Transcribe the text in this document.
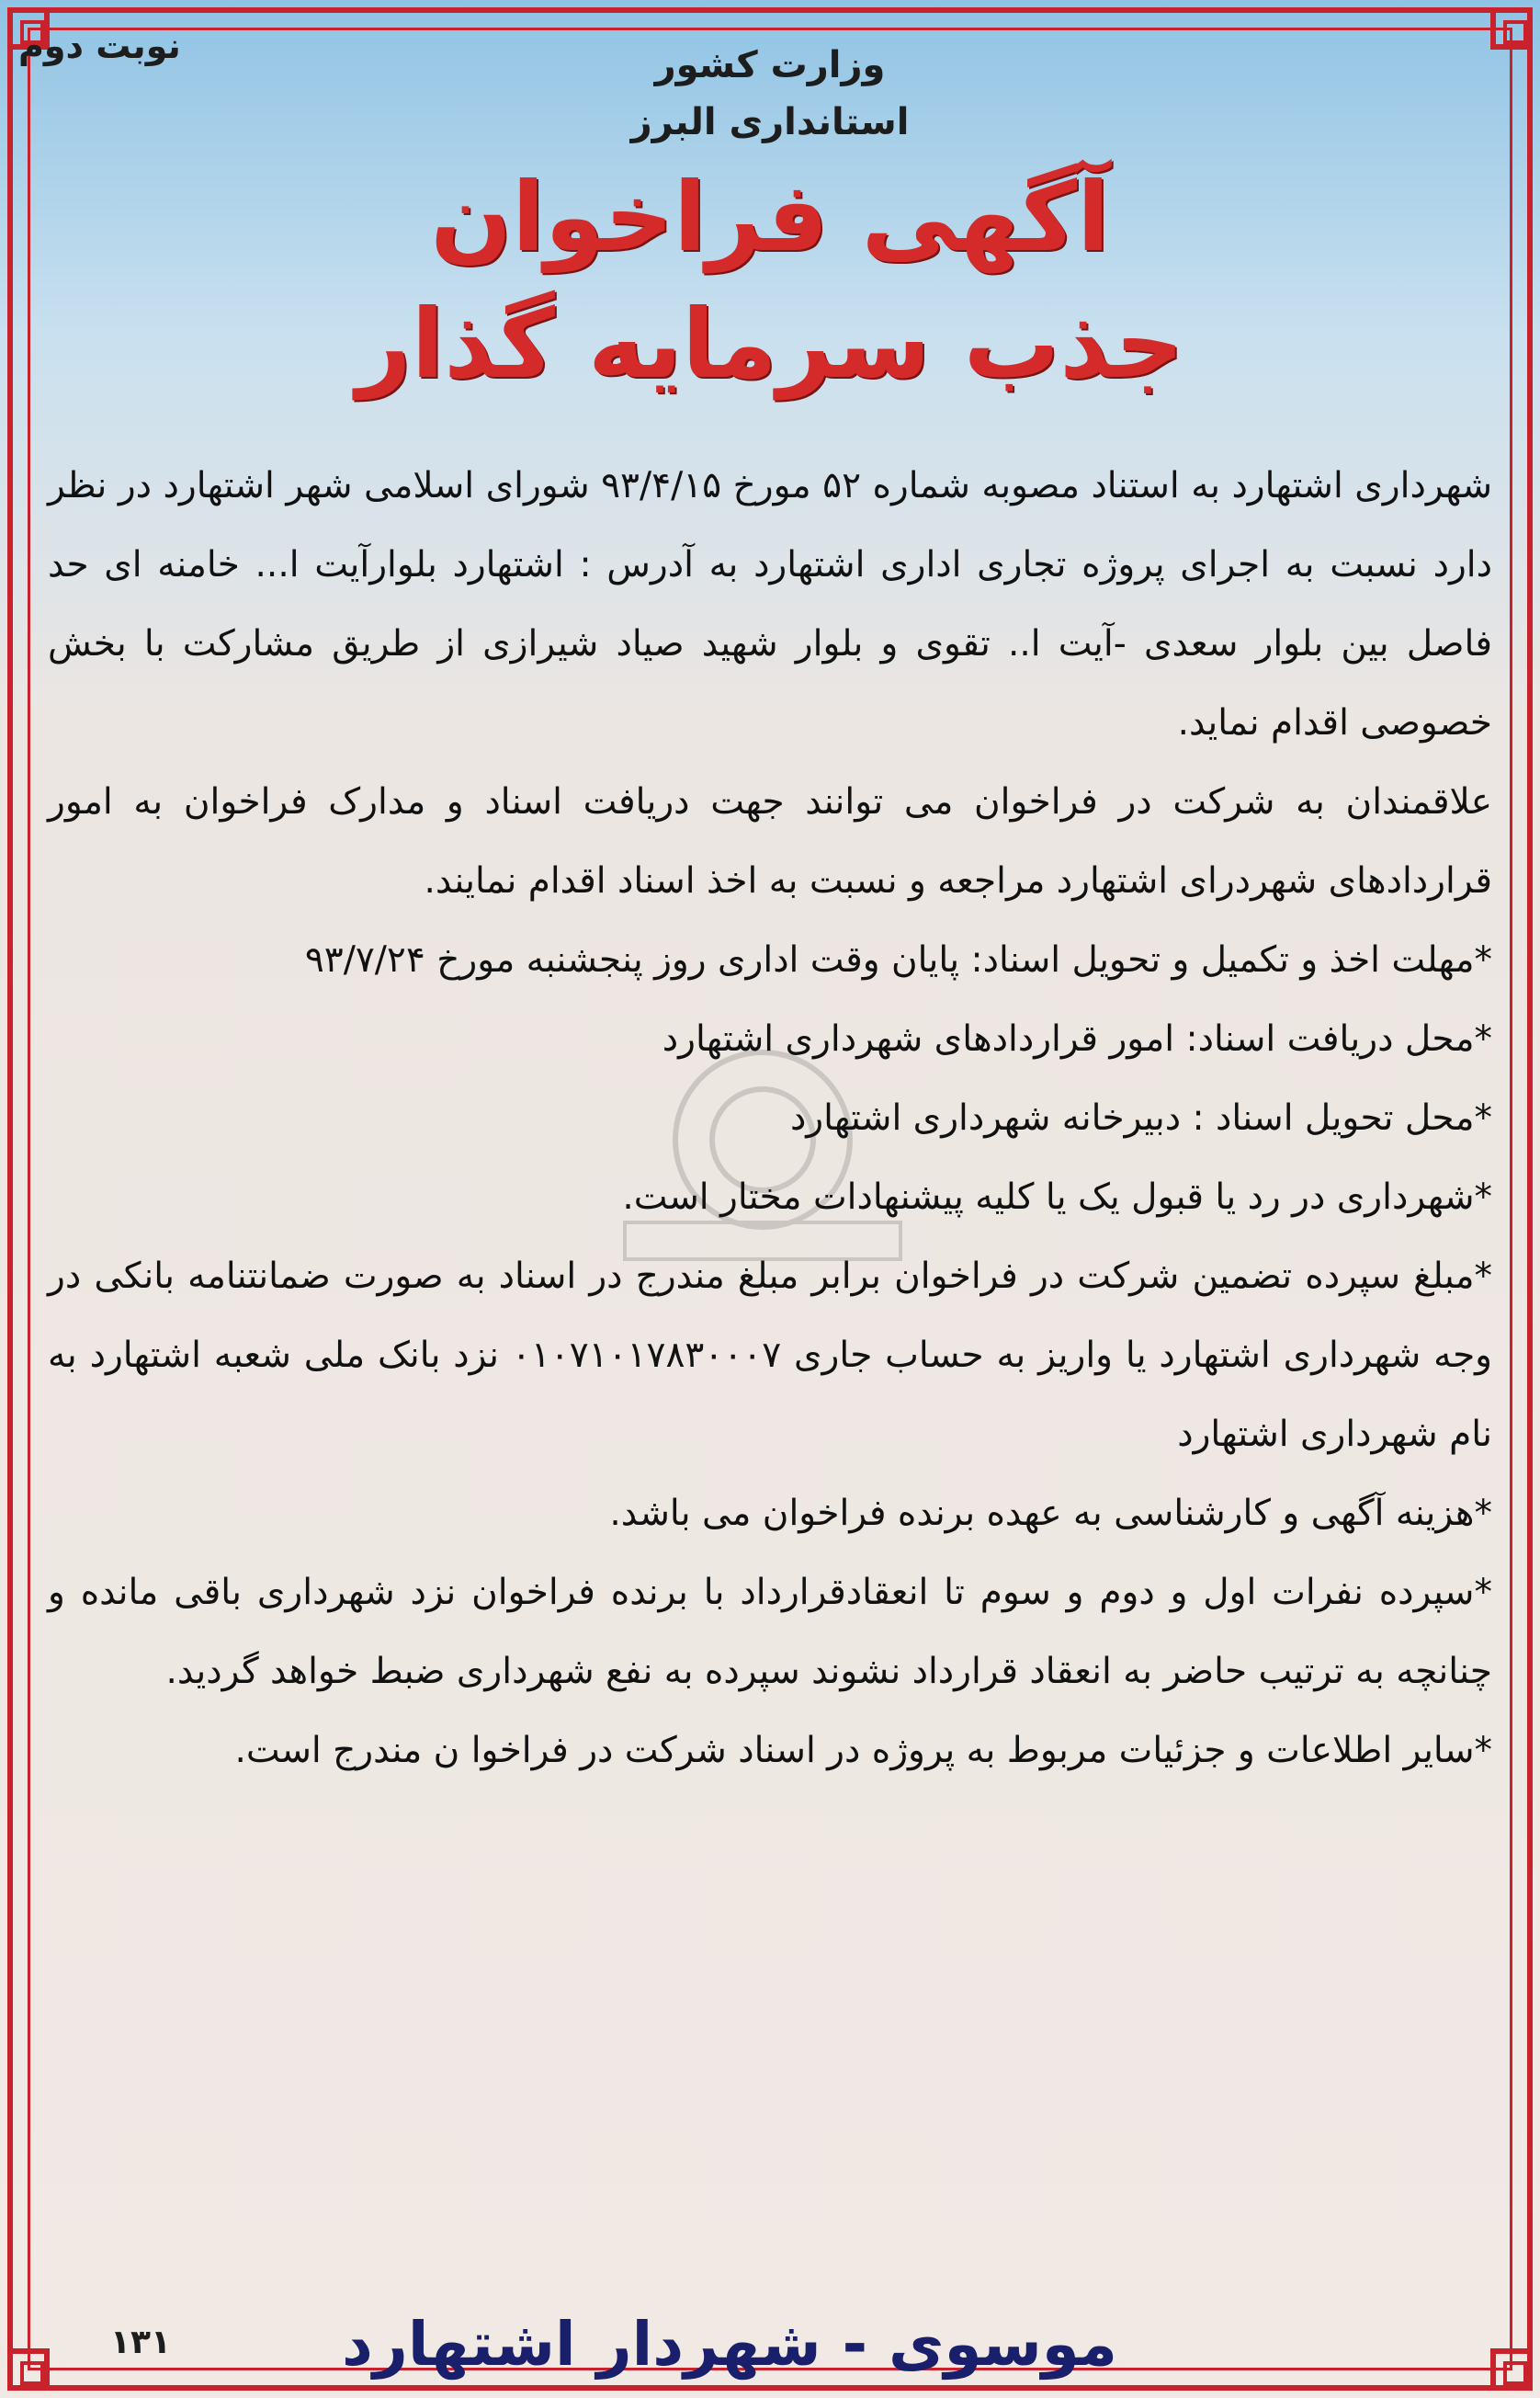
نوبت دوم	وزارت کشور
استانداری البرز
آگهی فراخوان
جذب سرمایه گذار

شهرداری اشتهارد به استناد مصوبه شماره ۵۲ مورخ ۹۳/۴/۱۵ شورای اسلامی شهر اشتهارد در نظر دارد نسبت به اجرای پروژه تجاری اداری اشتهارد به آدرس : اشتهارد بلوارآیت ا... خامنه ای حد فاصل بین بلوار سعدی -آیت ا.. تقوی و بلوار شهید صیاد شیرازی از طریق مشارکت با بخش خصوصی اقدام نماید.

علاقمندان به شرکت در فراخوان می توانند جهت دریافت اسناد و مدارک فراخوان به امور قراردادهای شهردرای اشتهارد مراجعه و نسبت به اخذ اسناد اقدام نمایند.

*مهلت اخذ و تکمیل و تحویل اسناد: پایان وقت اداری روز پنجشنبه مورخ ۹۳/۷/۲۴

*محل دریافت اسناد: امور قراردادهای شهرداری اشتهارد

*محل تحویل اسناد : دبیرخانه شهرداری اشتهارد

*شهرداری در رد یا قبول یک یا کلیه پیشنهادات مختار است.

*مبلغ سپرده تضمین شرکت در فراخوان برابر مبلغ مندرج در اسناد به صورت ضمانتنامه بانکی در وجه شهرداری اشتهارد یا واریز به حساب جاری ۰۱۰۷۱۰۱۷۸۳۰۰۰۷ نزد بانک ملی شعبه اشتهارد به نام شهرداری اشتهارد

*هزینه آگهی و کارشناسی به عهده برنده فراخوان می باشد.

*سپرده نفرات اول و دوم و سوم تا انعقادقرارداد با برنده فراخوان نزد شهرداری باقی مانده و چنانچه به ترتیب حاضر به انعقاد قرارداد نشوند سپرده به نفع شهرداری ضبط خواهد گردید.

*سایر اطلاعات و جزئیات مربوط به پروژه در اسناد شرکت در فراخوا ن مندرج است.

موسوی - شهردار اشتهارد
۱۳۱
